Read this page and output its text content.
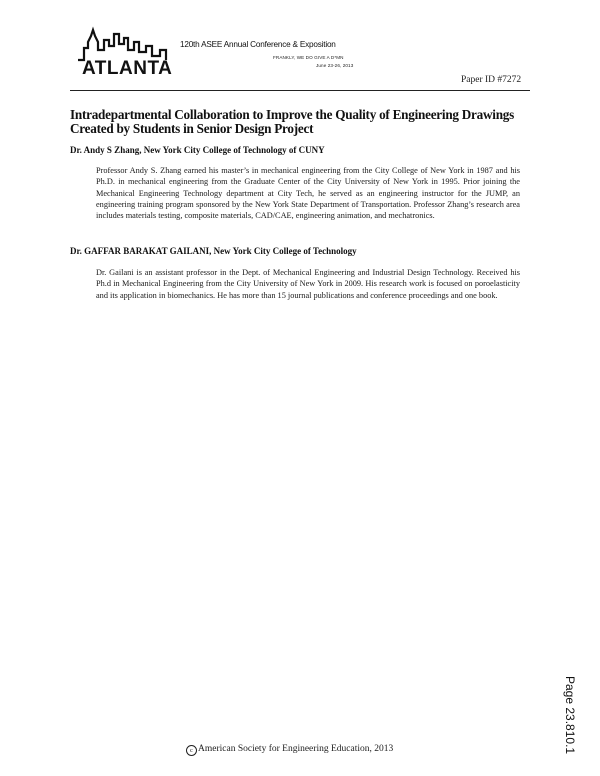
ATLANTA
120th ASEE Annual Conference & Exposition
FRANKLY, WE DO GIVE A D*MN
June 23-26, 2013
Paper ID #7272
Intradepartmental Collaboration to Improve the Quality of Engineering Drawings Created by Students in Senior Design Project

Dr. Andy S Zhang, New York City College of Technology of CUNY

Professor Andy S. Zhang earned his master’s in mechanical engineering from the City College of New York in 1987 and his Ph.D. in mechanical engineering from the Graduate Center of the City University of New York in 1995. Prior joining the Mechanical Engineering Technology department at City Tech, he served as an engineering instructor for the JUMP, an engineering training program sponsored by the New York State Department of Transportation. Professor Zhang’s research area includes materials testing, composite materials, CAD/CAE, engineering animation, and mechatronics.

Dr. GAFFAR BARAKAT GAILANI, New York City College of Technology

Dr. Gailani is an assistant professor in the Dept. of Mechanical Engineering and Industrial Design Technology. Received his Ph.d in Mechanical Engineering from the City University of New York in 2009. His research work is focused on poroelasticity and its application in biomechanics. He has more than 15 journal publications and conference proceedings and one book.

Page 23.810.1
c American Society for Engineering Education, 2013
